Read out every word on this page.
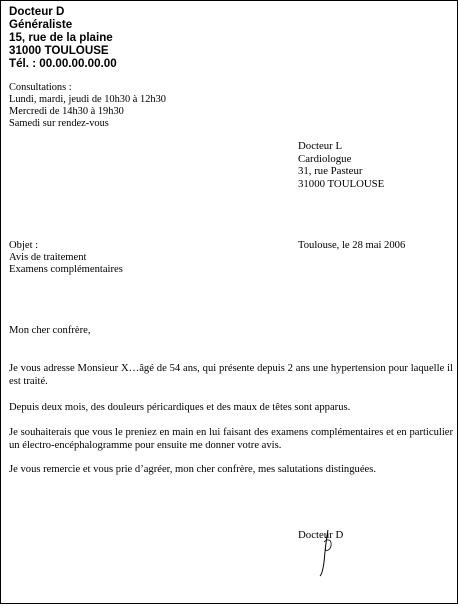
Docteur D
Généraliste
15, rue de la plaine
31000 TOULOUSE
Tél. : 00.00.00.00.00
Consultations :
Lundi, mardi, jeudi de 10h30 à 12h30
Mercredi de 14h30 à 19h30
Samedi sur rendez-vous
Docteur L
Cardiologue
31, rue Pasteur
31000 TOULOUSE
Objet :	Toulouse, le 28 mai 2006
Avis de traitement
Examens complémentaires
Mon cher confrère,
Je vous adresse Monsieur X…âgé de 54 ans, qui présente depuis 2 ans une hypertension pour laquelle il est traité.
Depuis deux mois, des douleurs péricardiques et des maux de têtes sont apparus.
Je souhaiterais que vous le preniez en main en lui faisant des examens complémentaires et en particulier un électro-encéphalogramme pour ensuite me donner votre avis.
Je vous remercie et vous prie d’agréer, mon cher confrère, mes salutations distinguées.
Docteur D
